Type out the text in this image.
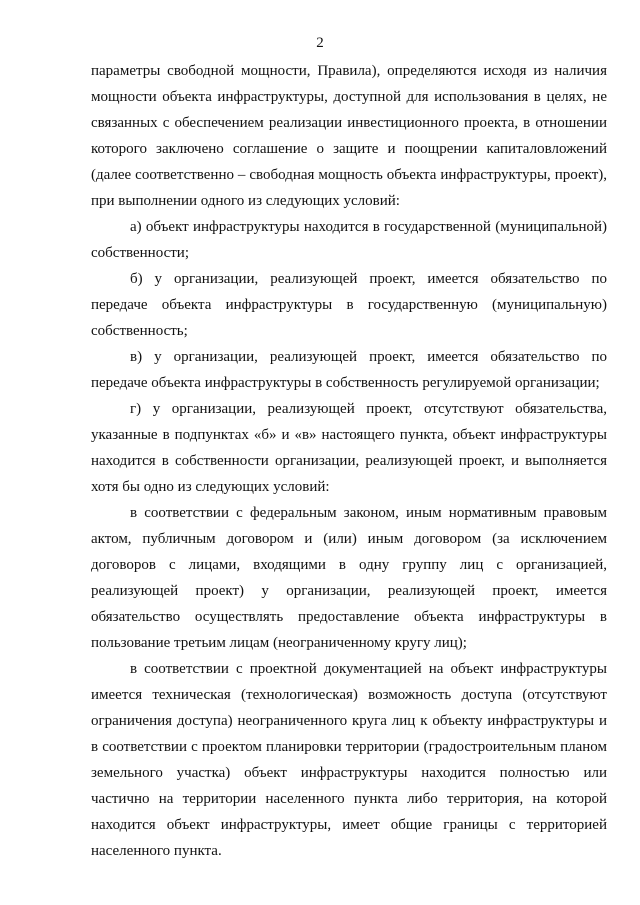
2

параметры свободной мощности, Правила), определяются исходя из наличия мощности объекта инфраструктуры, доступной для использования в целях, не связанных с обеспечением реализации инвестиционного проекта, в отношении которого заключено соглашение о защите и поощрении капиталовложений (далее соответственно – свободная мощность объекта инфраструктуры, проект), при выполнении одного из следующих условий:

а) объект инфраструктуры находится в государственной (муниципальной) собственности;

б) у организации, реализующей проект, имеется обязательство по передаче объекта инфраструктуры в государственную (муниципальную) собственность;

в) у организации, реализующей проект, имеется обязательство по передаче объекта инфраструктуры в собственность регулируемой организации;

г) у организации, реализующей проект, отсутствуют обязательства, указанные в подпунктах «б» и «в» настоящего пункта, объект инфраструктуры находится в собственности организации, реализующей проект, и выполняется хотя бы одно из следующих условий:

в соответствии с федеральным законом, иным нормативным правовым актом, публичным договором и (или) иным договором (за исключением договоров с лицами, входящими в одну группу лиц с организацией, реализующей проект) у организации, реализующей проект, имеется обязательство осуществлять предоставление объекта инфраструктуры в пользование третьим лицам (неограниченному кругу лиц);

в соответствии с проектной документацией на объект инфраструктуры имеется техническая (технологическая) возможность доступа (отсутствуют ограничения доступа) неограниченного круга лиц к объекту инфраструктуры и в соответствии с проектом планировки территории (градостроительным планом земельного участка) объект инфраструктуры находится полностью или частично на территории населенного пункта либо территория, на которой находится объект инфраструктуры, имеет общие границы с территорией населенного пункта.
